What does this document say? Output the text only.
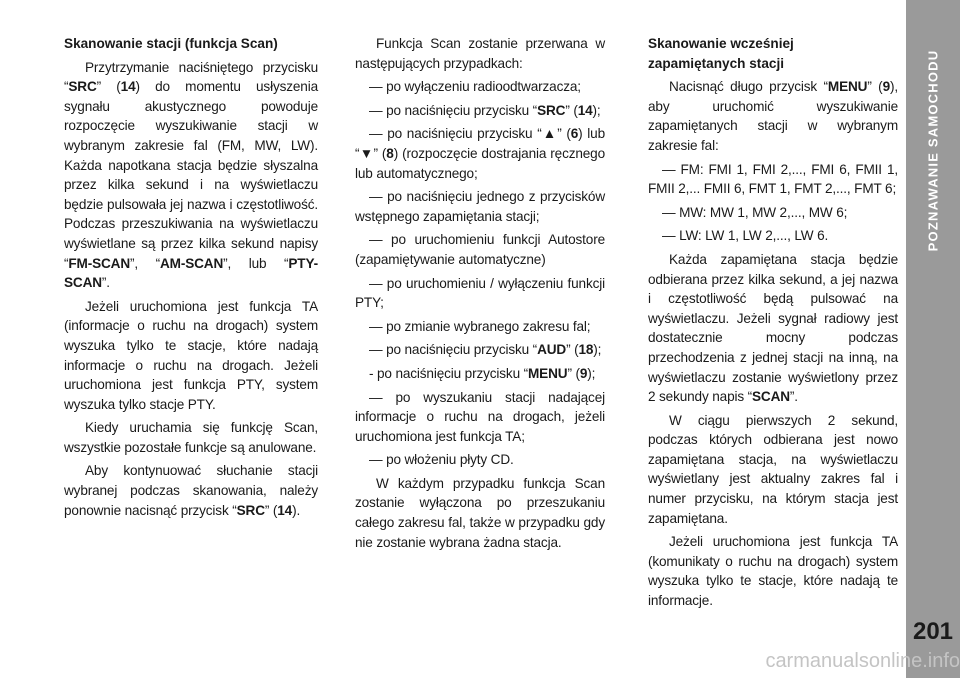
POZNAWANIE SAMOCHODU
201
Skanowanie stacji (funkcja Scan)

Przytrzymanie naciśniętego przycisku “SRC” (14) do momentu usłyszenia sygnału akustycznego powoduje rozpoczęcie wyszukiwanie stacji w wybranym zakresie fal (FM, MW, LW). Każda napotkana stacja będzie słyszalna przez kilka sekund i na wyświetlaczu będzie pulsowała jej nazwa i częstotliwość. Podczas przeszukiwania na wyświetlaczu wyświetlane są przez kilka sekund napisy “FM-SCAN”, “AM-SCAN”, lub “PTY-SCAN”.

Jeżeli uruchomiona jest funkcja TA (informacje o ruchu na drogach) system wyszuka tylko te stacje, które nadają informacje o ruchu na drogach. Jeżeli uruchomiona jest funkcja PTY, system wyszuka tylko stacje PTY.

Kiedy uruchamia się funkcję Scan, wszystkie pozostałe funkcje są anulowane.

Aby kontynuować słuchanie stacji wybranej podczas skanowania, należy ponownie nacisnąć przycisk “SRC” (14).

Funkcja Scan zostanie przerwana w następujących przypadkach:

— po wyłączeniu radioodtwarzacza;

— po naciśnięciu przycisku “SRC” (14);

— po naciśnięciu przycisku “▲” (6) lub “▼” (8) (rozpoczęcie dostrajania ręcznego lub automatycznego;

— po naciśnięciu jednego z przycisków wstępnego zapamiętania stacji;

— po uruchomieniu funkcji Autostore (zapamiętywanie automatyczne)

— po uruchomieniu / wyłączeniu funkcji PTY;

— po zmianie wybranego zakresu fal;

— po naciśnięciu przycisku “AUD” (18);

- po naciśnięciu przycisku “MENU” (9);

— po wyszukaniu stacji nadającej informacje o ruchu na drogach, jeżeli uruchomiona jest funkcja TA;

— po włożeniu płyty CD.

W każdym przypadku funkcja Scan zostanie wyłączona po przeszukaniu całego zakresu fal, także w przypadku gdy nie zostanie wybrana żadna stacja.

Skanowanie wcześniej
zapamiętanych stacji

Nacisnąć długo przycisk “MENU” (9), aby uruchomić wyszukiwanie zapamiętanych stacji w wybranym zakresie fal:

— FM: FMI 1, FMI 2,..., FMI 6, FMII 1, FMII 2,... FMII 6, FMT 1, FMT 2,..., FMT 6;

— MW: MW 1, MW 2,..., MW 6;

— LW: LW 1, LW 2,..., LW 6.

Każda zapamiętana stacja będzie odbierana przez kilka sekund, a jej nazwa i częstotliwość będą pulsować na wyświetlaczu. Jeżeli sygnał radiowy jest dostatecznie mocny podczas przechodzenia z jednej stacji na inną, na wyświetlaczu zostanie wyświetlony przez 2 sekundy napis “SCAN”.

W ciągu pierwszych 2 sekund, podczas których odbierana jest nowo zapamiętana stacja, na wyświetlaczu wyświetlany jest aktualny zakres fal i numer przycisku, na którym stacja jest zapamiętana.

Jeżeli uruchomiona jest funkcja TA (komunikaty o ruchu na drogach) system wyszuka tylko te stacje, które nadają te informacje.

carmanualsonline.info
